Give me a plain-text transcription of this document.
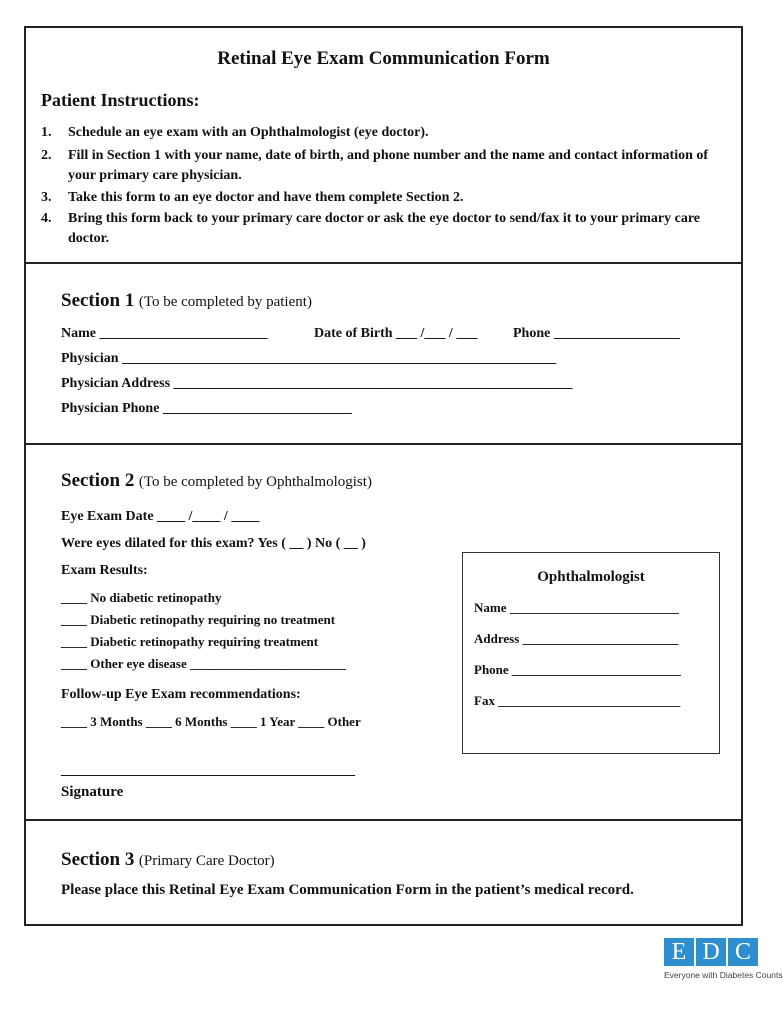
Retinal Eye Exam Communication Form
Patient Instructions:
1. Schedule an eye exam with an Ophthalmologist (eye doctor).
2. Fill in Section 1 with your name, date of birth, and phone number and the name and contact information of your primary care physician.
3. Take this form to an eye doctor and have them complete Section 2.
4. Bring this form back to your primary care doctor or ask the eye doctor to send/fax it to your primary care doctor.
Section 1 (To be completed by patient)
Name ________________________	Date of Birth ___ /___ / ___	Phone __________________
Physician ______________________________________________________________
Physician Address _________________________________________________________
Physician Phone ___________________________
Section 2 (To be completed by Ophthalmologist)
Eye Exam Date ____ /____ / ____
Were eyes dilated for this exam? Yes ( __ ) No ( __ )
Exam Results:
____ No diabetic retinopathy
____ Diabetic retinopathy requiring no treatment
____ Diabetic retinopathy requiring treatment
____ Other eye disease ________________________
Follow-up Eye Exam recommendations:
____ 3 Months ____ 6 Months ____ 1 Year ____ Other
__________________________________________
Signature
Ophthalmologist
Name __________________________
Address ________________________
Phone __________________________
Fax ____________________________
Section 3 (Primary Care Doctor)
Please place this Retinal Eye Exam Communication Form in the patient’s medical record.
E D C
Everyone with Diabetes Counts
